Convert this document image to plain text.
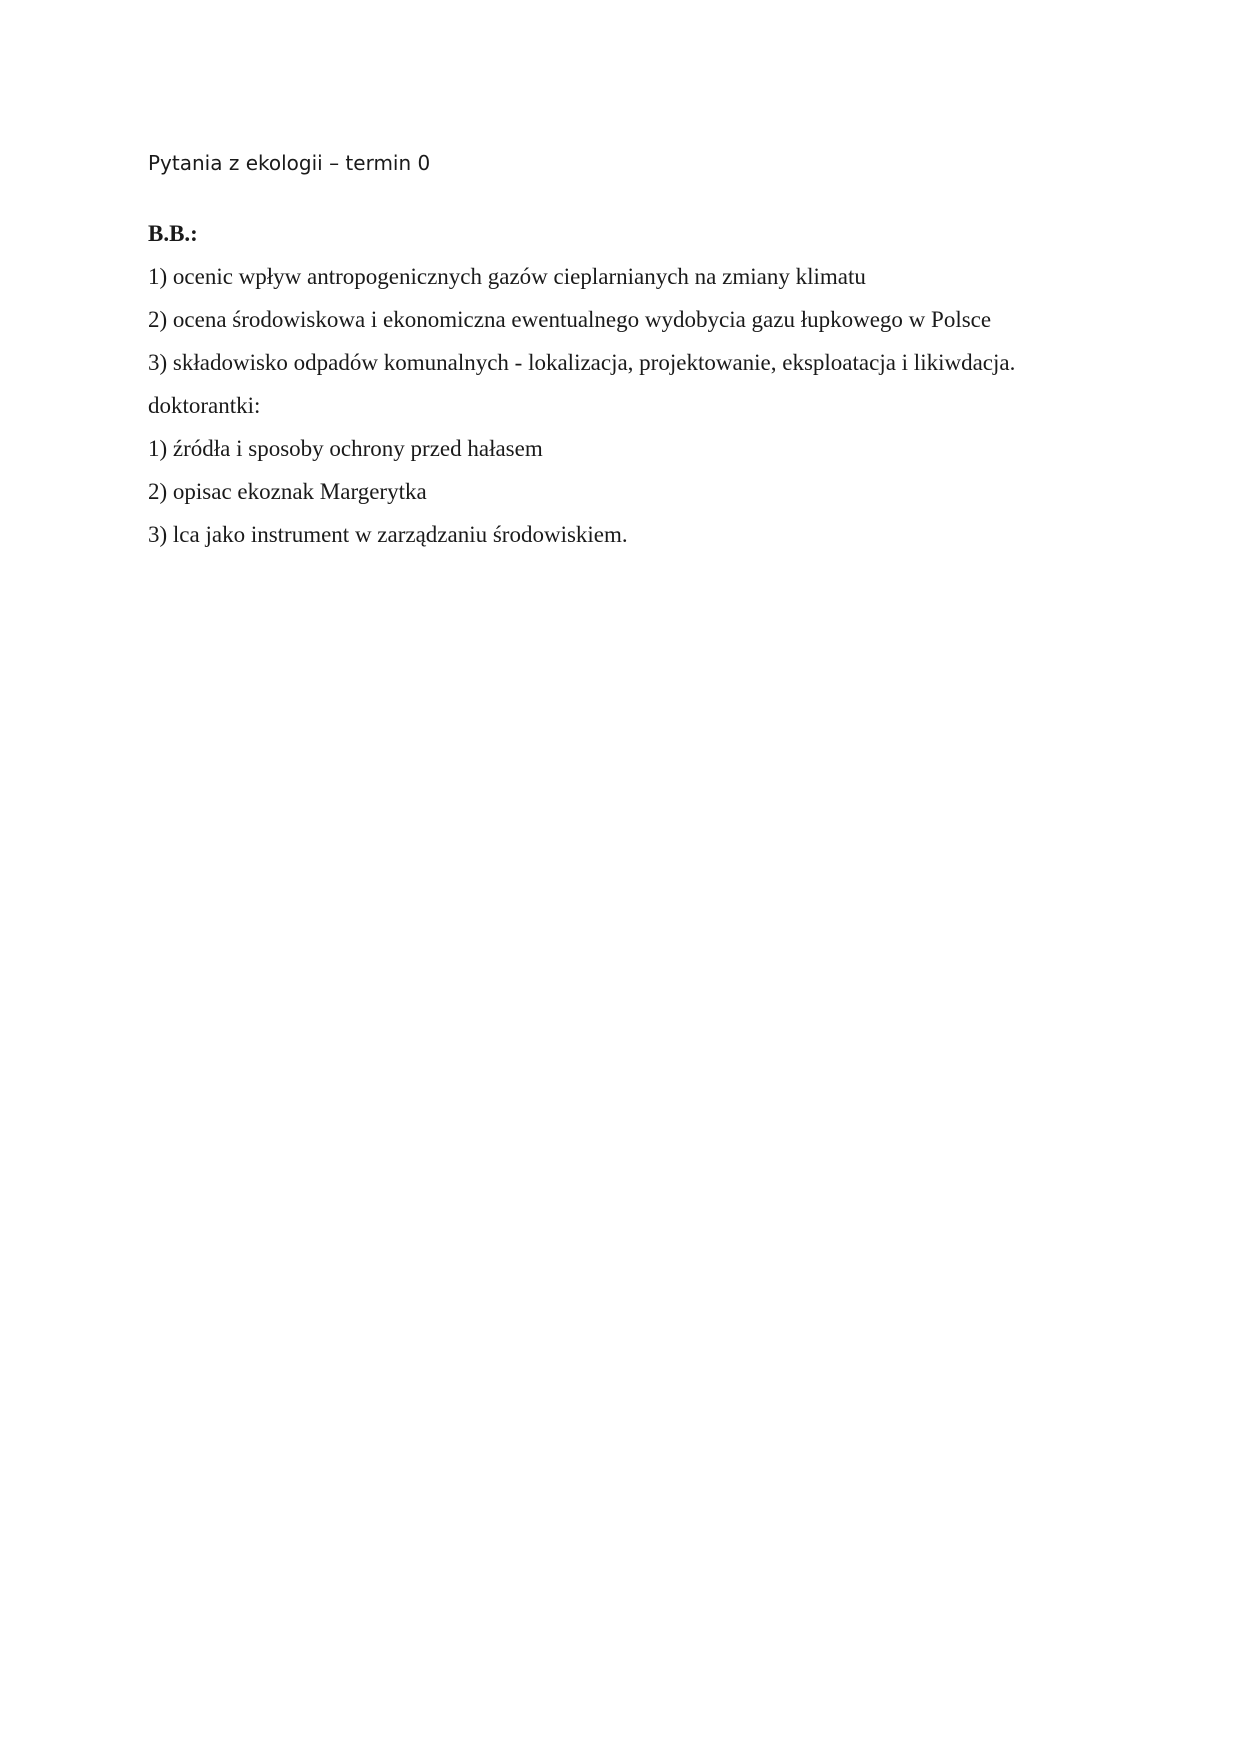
Pytania z ekologii – termin 0
B.B.:
1) ocenic wpływ antropogenicznych gazów cieplarnianych na zmiany klimatu
2) ocena środowiskowa i ekonomiczna ewentualnego wydobycia gazu łupkowego w Polsce
3) składowisko odpadów komunalnych - lokalizacja, projektowanie, eksploatacja i likiwdacja.
doktorantki:
1) źródła i sposoby ochrony przed hałasem
2) opisac ekoznak Margerytka
3) lca jako instrument w zarządzaniu środowiskiem.
